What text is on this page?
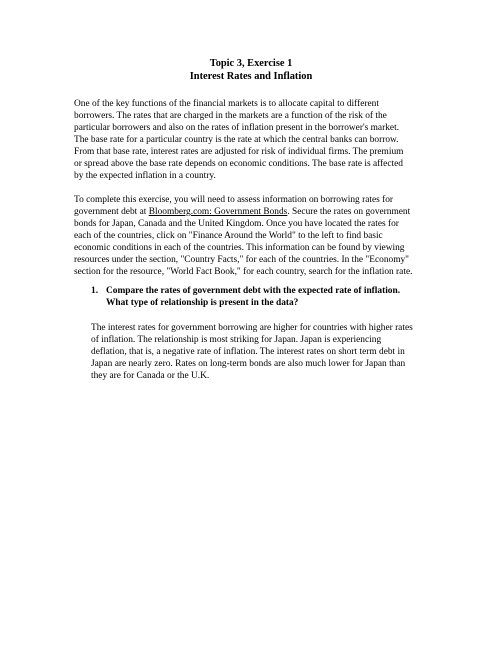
Topic 3, Exercise 1
Interest Rates and Inflation
One of the key functions of the financial markets is to allocate capital to different
borrowers. The rates that are charged in the markets are a function of the risk of the
particular borrowers and also on the rates of inflation present in the borrower's market.
The base rate for a particular country is the rate at which the central banks can borrow.
From that base rate, interest rates are adjusted for risk of individual firms. The premium
or spread above the base rate depends on economic conditions. The base rate is affected
by the expected inflation in a country.
To complete this exercise, you will need to assess information on borrowing rates for
government debt at Bloomberg.com: Government Bonds. Secure the rates on government
bonds for Japan, Canada and the United Kingdom. Once you have located the rates for
each of the countries, click on "Finance Around the World" to the left to find basic
economic conditions in each of the countries. This information can be found by viewing
resources under the section, "Country Facts," for each of the countries. In the "Economy"
section for the resource, "World Fact Book," for each country, search for the inflation rate.
1. Compare the rates of government debt with the expected rate of inflation.
What type of relationship is present in the data?
The interest rates for government borrowing are higher for countries with higher rates
of inflation. The relationship is most striking for Japan. Japan is experiencing
deflation, that is, a negative rate of inflation. The interest rates on short term debt in
Japan are nearly zero. Rates on long-term bonds are also much lower for Japan than
they are for Canada or the U.K.
